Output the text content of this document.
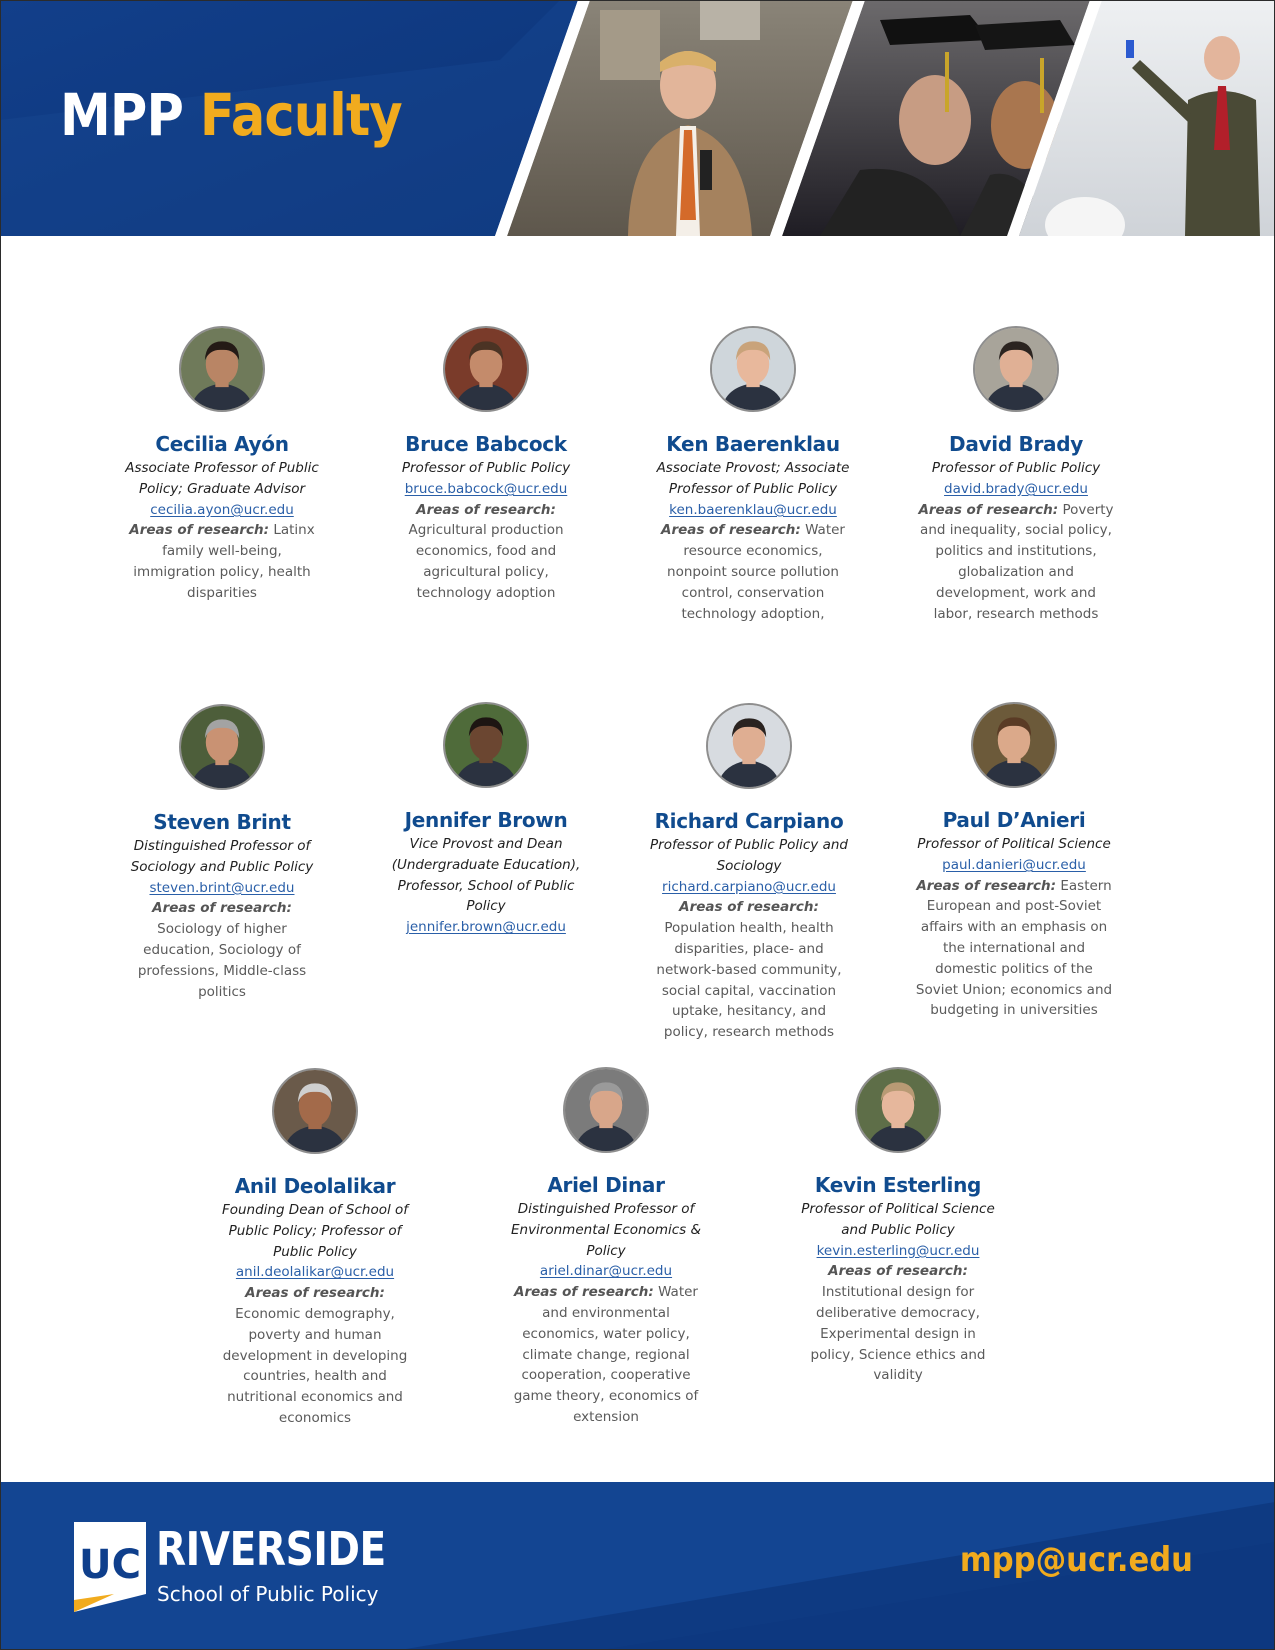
MPP Faculty
Cecilia Ayón
Associate Professor of Public Policy; Graduate Advisor
cecilia.ayon@ucr.edu
Areas of research: Latinx family well-being, immigration policy, health disparities
Bruce Babcock
Professor of Public Policy
bruce.babcock@ucr.edu
Areas of research: Agricultural production economics, food and agricultural policy, technology adoption
Ken Baerenklau
Associate Provost; Associate Professor of Public Policy
ken.baerenklau@ucr.edu
Areas of research: Water resource economics, nonpoint source pollution control, conservation technology adoption,
David Brady
Professor of Public Policy
david.brady@ucr.edu
Areas of research: Poverty and inequality, social policy, politics and institutions, globalization and development, work and labor, research methods
Steven Brint
Distinguished Professor of Sociology and Public Policy
steven.brint@ucr.edu
Areas of research: Sociology of higher education, Sociology of professions, Middle-class politics
Jennifer Brown
Vice Provost and Dean (Undergraduate Education), Professor, School of Public Policy
jennifer.brown@ucr.edu
Richard Carpiano
Professor of Public Policy and Sociology
richard.carpiano@ucr.edu
Areas of research: Population health, health disparities, place- and network-based community, social capital, vaccination uptake, hesitancy, and policy, research methods
Paul D’Anieri
Professor of Political Science
paul.danieri@ucr.edu
Areas of research: Eastern European and post-Soviet affairs with an emphasis on the international and domestic politics of the Soviet Union; economics and budgeting in universities
Anil Deolalikar
Founding Dean of School of Public Policy; Professor of Public Policy
anil.deolalikar@ucr.edu
Areas of research: Economic demography, poverty and human development in developing countries, health and nutritional economics and economics
Ariel Dinar
Distinguished Professor of Environmental Economics & Policy
ariel.dinar@ucr.edu
Areas of research: Water and environmental economics, water policy, climate change, regional cooperation, cooperative game theory, economics of extension
Kevin Esterling
Professor of Political Science and Public Policy
kevin.esterling@ucr.edu
Areas of research: Institutional design for deliberative democracy, Experimental design in policy, Science ethics and validity
UC RIVERSIDE
School of Public Policy
mpp@ucr.edu
